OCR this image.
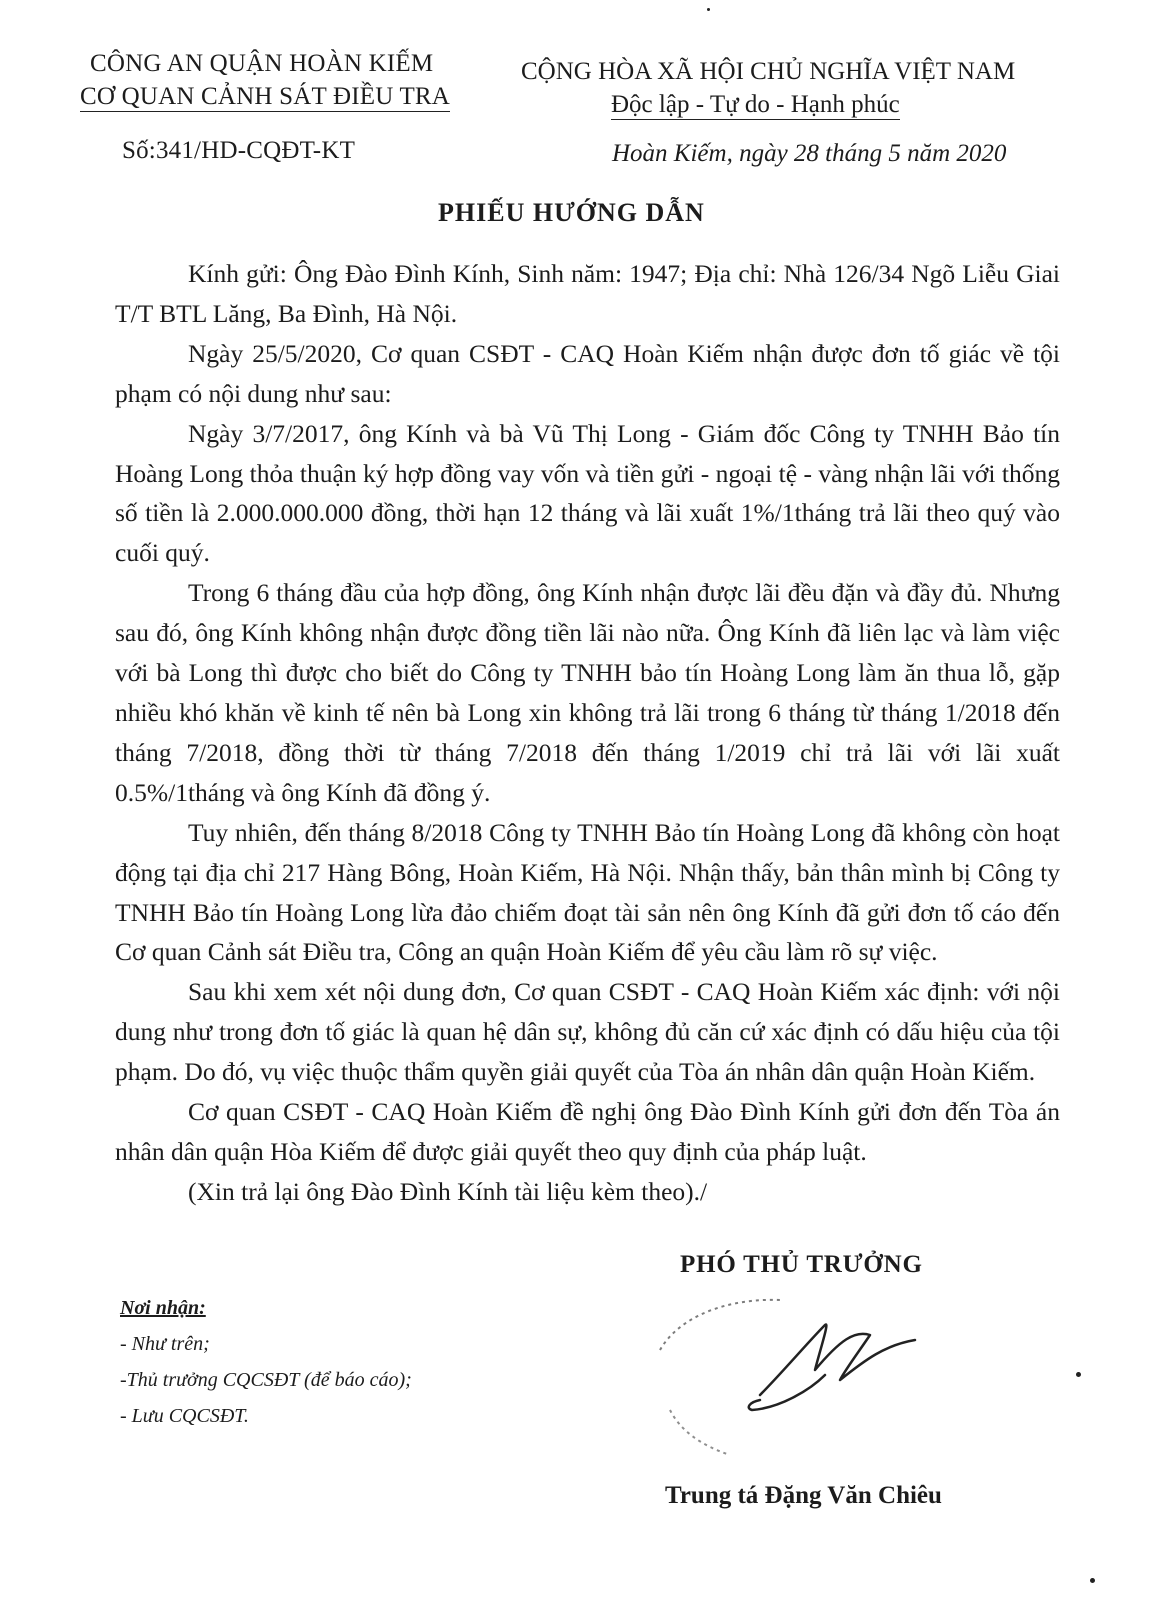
CÔNG AN QUẬN HOÀN KIẾM
CƠ QUAN CẢNH SÁT ĐIỀU TRA
Số:341/HD-CQĐT-KT
CỘNG HÒA XÃ HỘI CHỦ NGHĨA VIỆT NAM
Độc lập - Tự do - Hạnh phúc
Hoàn Kiếm, ngày 28 tháng 5 năm 2020
PHIẾU HƯỚNG DẪN

Kính gửi: Ông Đào Đình Kính, Sinh năm: 1947; Địa chỉ: Nhà 126/34 Ngõ Liễu Giai T/T BTL Lăng, Ba Đình, Hà Nội.

Ngày 25/5/2020, Cơ quan CSĐT - CAQ Hoàn Kiếm nhận được đơn tố giác về tội phạm có nội dung như sau:

Ngày 3/7/2017, ông Kính và bà Vũ Thị Long - Giám đốc Công ty TNHH Bảo tín Hoàng Long thỏa thuận ký hợp đồng vay vốn và tiền gửi - ngoại tệ - vàng nhận lãi với thống số tiền là 2.000.000.000 đồng, thời hạn 12 tháng và lãi xuất 1%/1tháng trả lãi theo quý vào cuối quý.

Trong 6 tháng đầu của hợp đồng, ông Kính nhận được lãi đều đặn và đầy đủ. Nhưng sau đó, ông Kính không nhận được đồng tiền lãi nào nữa. Ông Kính đã liên lạc và làm việc với bà Long thì được cho biết do Công ty TNHH bảo tín Hoàng Long làm ăn thua lỗ, gặp nhiều khó khăn về kinh tế nên bà Long xin không trả lãi trong 6 tháng từ tháng 1/2018 đến tháng 7/2018, đồng thời từ tháng 7/2018 đến tháng 1/2019 chỉ trả lãi với lãi xuất 0.5%/1tháng và ông Kính đã đồng ý.

Tuy nhiên, đến tháng 8/2018 Công ty TNHH Bảo tín Hoàng Long đã không còn hoạt động tại địa chỉ 217 Hàng Bông, Hoàn Kiếm, Hà Nội. Nhận thấy, bản thân mình bị Công ty TNHH Bảo tín Hoàng Long lừa đảo chiếm đoạt tài sản nên ông Kính đã gửi đơn tố cáo đến Cơ quan Cảnh sát Điều tra, Công an quận Hoàn Kiếm để yêu cầu làm rõ sự việc.

Sau khi xem xét nội dung đơn, Cơ quan CSĐT - CAQ Hoàn Kiếm xác định: với nội dung như trong đơn tố giác là quan hệ dân sự, không đủ căn cứ xác định có dấu hiệu của tội phạm. Do đó, vụ việc thuộc thẩm quyền giải quyết của Tòa án nhân dân quận Hoàn Kiếm.

Cơ quan CSĐT - CAQ Hoàn Kiếm đề nghị ông Đào Đình Kính gửi đơn đến Tòa án nhân dân quận Hòa Kiếm để được giải quyết theo quy định của pháp luật.

(Xin trả lại ông Đào Đình Kính tài liệu kèm theo)./

PHÓ THỦ TRƯỞNG
Nơi nhận:
- Như trên;
-Thủ trưởng CQCSĐT (để báo cáo);
- Lưu CQCSĐT.
Trung tá Đặng Văn Chiêu
